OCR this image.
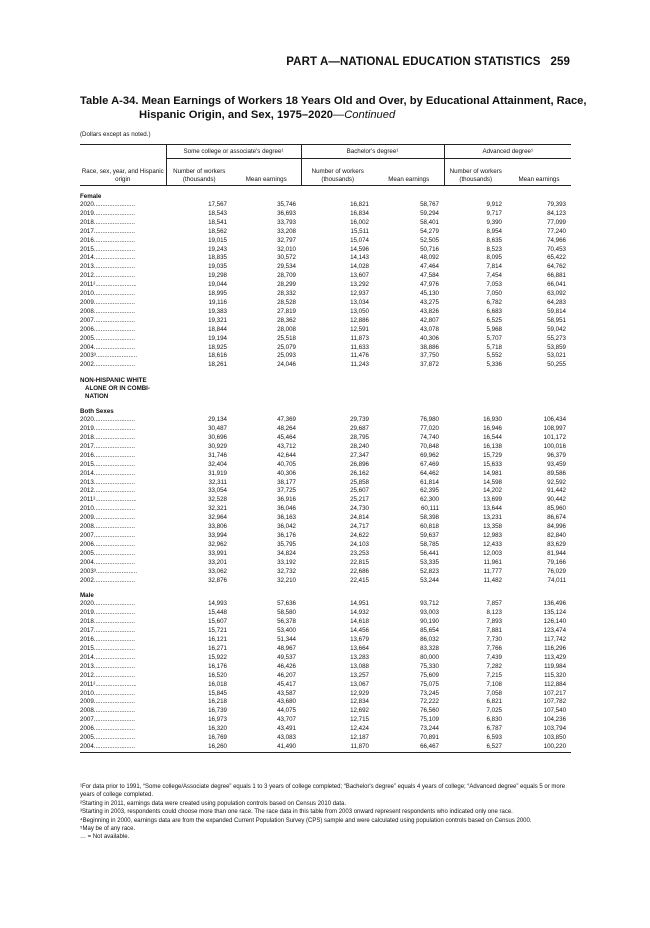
PART A—NATIONAL EDUCATION STATISTICS 259
Table A-34. Mean Earnings of Workers 18 Years Old and Over, by Educational Attainment, Race,
Hispanic Origin, and Sex, 1975–2020—Continued
(Dollars except as noted.)
	Some college or associate's degree¹		Bachelor's degree¹		Advanced degree¹	
Race, sex, year, and Hispanic origin	Number of workers (thousands)	Mean earnings	Number of workers (thousands)	Mean earnings	Number of workers (thousands)	Mean earnings

Female						

2020........................	17,567	35,746	16,821	58,767	9,912	79,393
2019........................	18,543	36,693	16,834	59,294	9,717	84,123
2018........................	18,541	33,793	16,002	58,401	9,390	77,099
2017........................	18,562	33,208	15,511	54,279	8,954	77,240
2016........................	19,015	32,797	15,074	52,505	8,635	74,966
2015........................	19,243	32,010	14,596	50,716	8,523	70,453
2014........................	18,835	30,572	14,143	48,092	8,095	65,422
2013........................	19,035	29,534	14,028	47,464	7,814	64,762
2012........................	19,298	28,709	13,607	47,584	7,454	66,881
2011²........................	19,044	28,299	13,292	47,976	7,053	66,041
2010........................	18,995	28,332	12,937	45,130	7,050	63,092
2009........................	19,116	28,528	13,034	43,275	6,782	64,283
2008........................	19,383	27,819	13,050	43,826	6,683	59,814
2007........................	19,321	28,362	12,886	42,807	6,525	58,951
2006........................	18,844	28,008	12,591	43,078	5,968	59,042
2005........................	19,194	25,518	11,873	40,306	5,707	55,273
2004........................	18,925	25,079	11,633	38,886	5,718	53,859
2003³........................	18,616	25,093	11,476	37,750	5,552	53,021
2002........................	18,261	24,046	11,243	37,872	5,336	50,255

NON-HISPANIC WHITE
ALONE OR IN COMBI-
NATION						

Both Sexes						

2020........................	29,134	47,369	29,739	76,980	16,930	106,434
2019........................	30,487	48,264	29,687	77,020	16,946	108,997
2018........................	30,696	45,464	28,795	74,740	16,544	101,172
2017........................	30,929	43,712	28,240	70,848	16,138	100,016
2016........................	31,746	42,644	27,347	69,962	15,729	96,379
2015........................	32,404	40,705	26,896	67,469	15,633	93,459
2014........................	31,919	40,306	26,162	64,462	14,981	89,586
2013........................	32,311	38,177	25,858	61,814	14,598	92,592
2012........................	33,054	37,725	25,607	62,395	14,202	91,442
2011²........................	32,528	36,916	25,217	62,300	13,699	90,442
2010........................	32,321	36,046	24,730	60,111	13,644	85,960
2009........................	32,964	36,163	24,814	58,398	13,231	86,674
2008........................	33,806	36,042	24,717	60,818	13,358	84,996
2007........................	33,994	36,176	24,622	59,637	12,983	82,840
2006........................	32,962	35,795	24,103	58,785	12,433	83,629
2005........................	33,991	34,824	23,253	56,441	12,003	81,944
2004........................	33,201	33,192	22,815	53,335	11,961	79,166
2003³........................	33,062	32,732	22,686	52,823	11,777	76,029
2002........................	32,876	32,210	22,415	53,244	11,482	74,011

Male						

2020........................	14,993	57,636	14,951	93,712	7,857	136,496
2019........................	15,448	58,580	14,932	93,003	8,123	135,124
2018........................	15,607	56,378	14,618	90,190	7,893	126,140
2017........................	15,721	53,400	14,456	85,654	7,881	123,474
2016........................	16,121	51,344	13,679	86,032	7,730	117,742
2015........................	16,271	48,967	13,664	83,328	7,766	116,296
2014........................	15,922	49,537	13,283	80,000	7,439	113,429
2013........................	16,176	46,426	13,088	75,330	7,282	119,984
2012........................	16,520	46,207	13,257	75,609	7,215	115,320
2011²........................	16,018	45,417	13,067	75,075	7,108	112,884
2010........................	15,845	43,587	12,929	73,245	7,058	107,217
2009........................	16,218	43,680	12,834	72,222	6,821	107,782
2008........................	16,739	44,075	12,692	76,560	7,025	107,540
2007........................	16,973	43,707	12,715	75,109	6,830	104,236
2006........................	16,320	43,491	12,424	73,244	6,787	103,794
2005........................	16,769	43,083	12,187	70,891	6,593	103,850
2004........................	16,260	41,490	11,870	66,467	6,527	100,220

¹For data prior to 1991, “Some college/Associate degree” equals 1 to 3 years of college completed; “Bachelor's degree” equals 4 years of college; “Advanced degree” equals 5 or more years of college completed.

²Starting in 2011, earnings data were created using population controls based on Census 2010 data.

³Starting in 2003, respondents could choose more than one race. The race data in this table from 2003 onward represent respondents who indicated only one race.

⁴Beginning in 2000, earnings data are from the expanded Current Population Survey (CPS) sample and were calculated using population controls based on Census 2000.

⁵May be of any race.

… = Not available.
